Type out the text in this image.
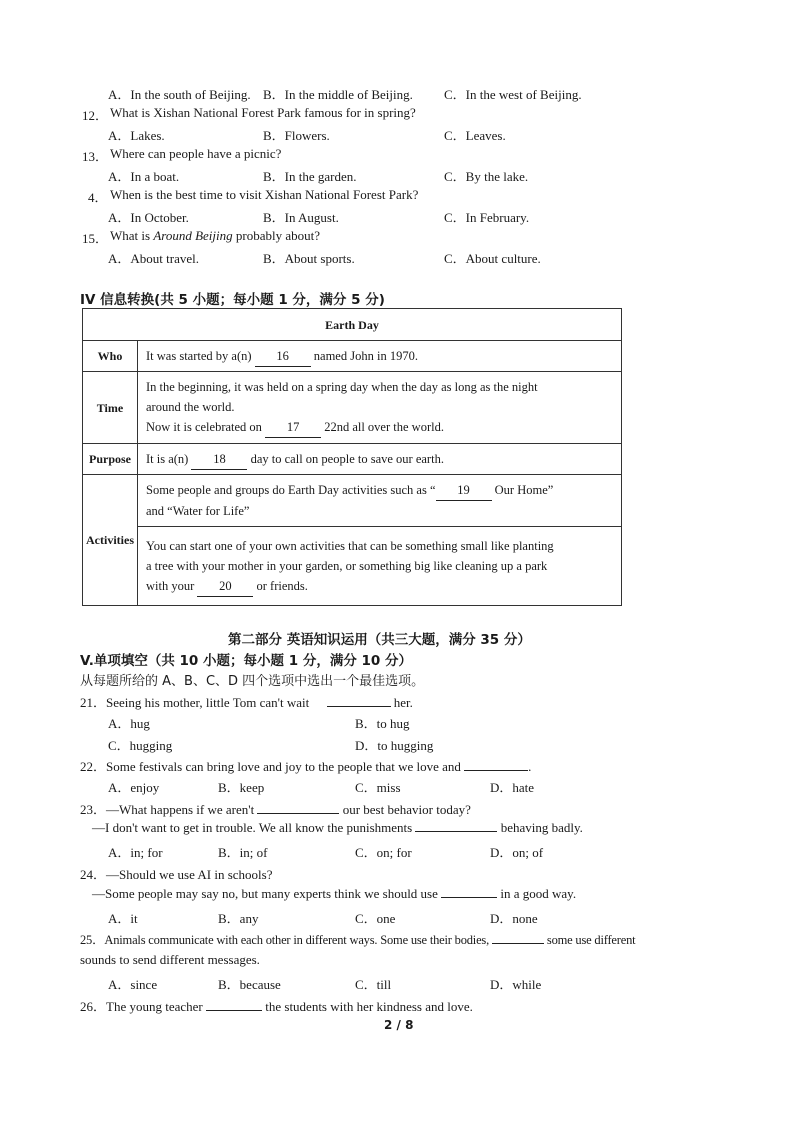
A．In the south of Beijing. B．In the middle of Beijing. C．In the west of Beijing.
12． What is Xishan National Forest Park famous for in spring?
A．Lakes.	B．Flowers.	C．Leaves.
13． Where can people have a picnic?
A．In a boat.	B．In the garden.	C．By the lake.
4． When is the best time to visit Xishan National Forest Park?
A．In October.	B．In August.	C．In February.
15． What is Around Beijing probably about?
A．About travel.	B．About sports.	C．About culture.
IV 信息转换(共 5 小题；每小题 1 分，满分 5 分)
Earth Day	
Who	It was started by a(n) 16 named John in 1970.
Time	In the beginning, it was held on a spring day when the day as long as the night
around the world.
Now it is celebrated on 17 22nd all over the world.

Purpose	It is a(n) 18 day to call on people to save our earth.
Activities	Some people and groups do Earth Day activities such as “ 19 Our Home”
and “Water for Life”

	You can start one of your own activities that can be something small like planting
a tree with your mother in your garden, or something big like cleaning up a park
with your 20 or friends.
第二部分 英语知识运用（共三大题，满分 35 分）
V.单项填空（共 10 小题；每小题 1 分，满分 10 分）
从每题所给的 A、B、C、D 四个选项中选出一个最佳选项。
21．Seeing his mother, little Tom can't wait	her.
A．hug	B．to hug
C．hugging	D．to hugging
22．Some festivals can bring love and joy to the people that we love and	.
A．enjoy	B．keep	C．miss	D．hate
23．—What happens if we aren't	our best behavior today?
—I don't want to get in trouble. We all know the punishments	behaving badly.
A．in; for	B．in; of	C．on; for	D．on; of
24．—Should we use AI in schools?
—Some people may say no, but many experts think we should use	in a good way.
A．it	B．any	C．one	D．none
25．Animals communicate with each other in different ways. Some use their bodies,	some use different
sounds to send different messages.
A．since	B．because	C．till	D．while
26．The young teacher	the students with her kindness and love.
2 / 8
